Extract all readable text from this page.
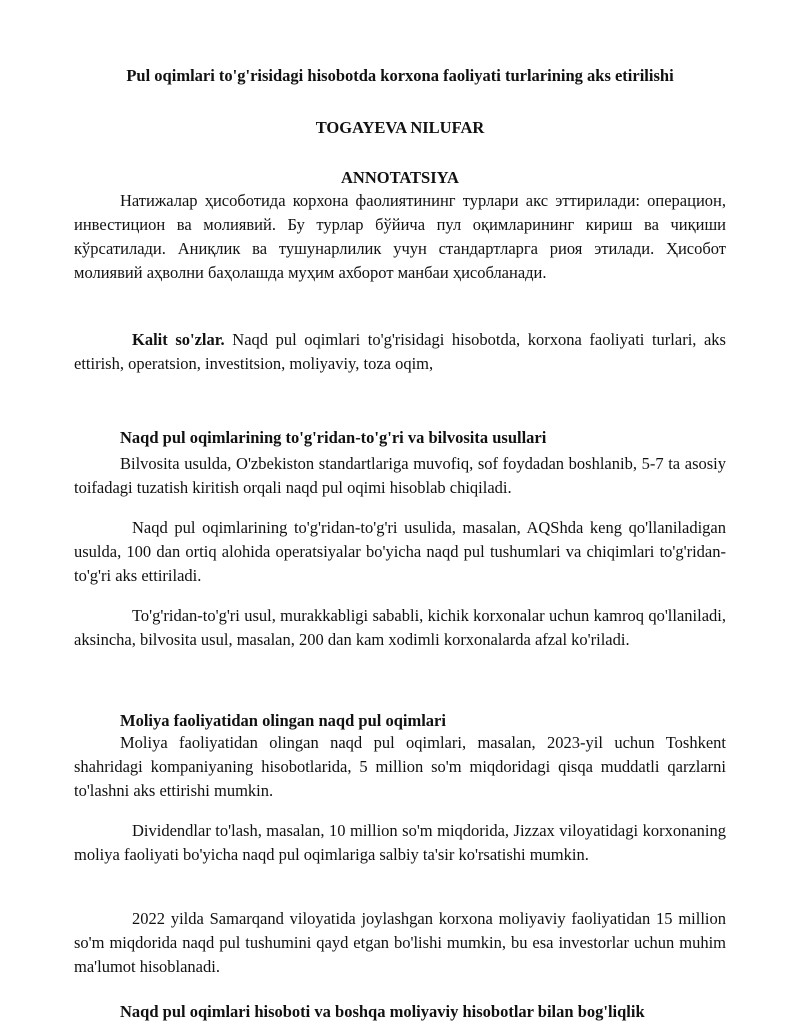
Pul oqimlari to'g'risidagi hisobotda korxona faoliyati turlarining aks etirilishi
TOGAYEVA NILUFAR
ANNOTATSIYA

Натижалар ҳисоботида корхона фаолиятининг турлари акс эттирилади: операцион, инвестицион ва молиявий. Бу турлар бўйича пул оқимларининг кириш ва чиқиши кўрсатилади. Аниқлик ва тушунарлилик учун стандартларга риоя этилади. Ҳисобот молиявий аҳволни баҳолашда муҳим ахборот манбаи ҳисобланади.

Kalit so'zlar. Naqd pul oqimlari to'g'risidagi hisobotda, korxona faoliyati turlari, aks ettirish, operatsion, investitsion, moliyaviy, toza oqim,

Naqd pul oqimlarining to'g'ridan-to'g'ri va bilvosita usullari

Bilvosita usulda, O'zbekiston standartlariga muvofiq, sof foydadan boshlanib, 5-7 ta asosiy toifadagi tuzatish kiritish orqali naqd pul oqimi hisoblab chiqiladi.

Naqd pul oqimlarining to'g'ridan-to'g'ri usulida, masalan, AQShda keng qo'llaniladigan usulda, 100 dan ortiq alohida operatsiyalar bo'yicha naqd pul tushumlari va chiqimlari to'g'ridan-to'g'ri aks ettiriladi.

To'g'ridan-to'g'ri usul, murakkabligi sababli, kichik korxonalar uchun kamroq qo'llaniladi, aksincha, bilvosita usul, masalan, 200 dan kam xodimli korxonalarda afzal ko'riladi.

Moliya faoliyatidan olingan naqd pul oqimlari

Moliya faoliyatidan olingan naqd pul oqimlari, masalan, 2023-yil uchun Toshkent shahridagi kompaniyaning hisobotlarida, 5 million so'm miqdoridagi qisqa muddatli qarzlarni to'lashni aks ettirishi mumkin.

Dividendlar to'lash, masalan, 10 million so'm miqdorida, Jizzax viloyatidagi korxonaning moliya faoliyati bo'yicha naqd pul oqimlariga salbiy ta'sir ko'rsatishi mumkin.

2022 yilda Samarqand viloyatida joylashgan korxona moliyaviy faoliyatidan 15 million so'm miqdorida naqd pul tushumini qayd etgan bo'lishi mumkin, bu esa investorlar uchun muhim ma'lumot hisoblanadi.

Naqd pul oqimlari hisoboti va boshqa moliyaviy hisobotlar bilan bog'liqlik
